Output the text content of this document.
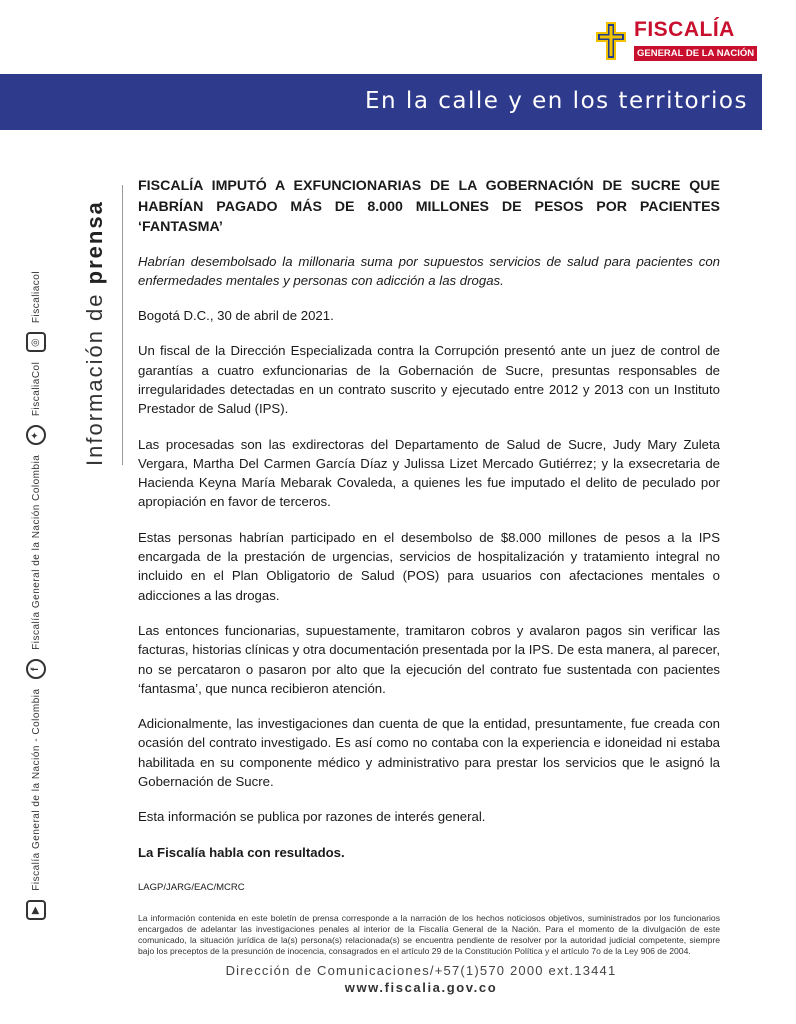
FISCALÍA
GENERAL DE LA NACIÓN
En la calle y en los territorios
Información de prensa
▶ Fiscalía General de la Nación - Colombia f Fiscalía General de la Nación Colombia ✦ FiscaliaCol ◎ Fiscaliacol
FISCALÍA IMPUTÓ A EXFUNCIONARIAS DE LA GOBERNACIÓN DE SUCRE QUE HABRÍAN PAGADO MÁS DE 8.000 MILLONES DE PESOS POR PACIENTES ‘FANTASMA’

Habrían desembolsado la millonaria suma por supuestos servicios de salud para pacientes con enfermedades mentales y personas con adicción a las drogas.

Bogotá D.C., 30 de abril de 2021.

Un fiscal de la Dirección Especializada contra la Corrupción presentó ante un juez de control de garantías a cuatro exfuncionarias de la Gobernación de Sucre, presuntas responsables de irregularidades detectadas en un contrato suscrito y ejecutado entre 2012 y 2013 con un Instituto Prestador de Salud (IPS).

Las procesadas son las exdirectoras del Departamento de Salud de Sucre, Judy Mary Zuleta Vergara, Martha Del Carmen García Díaz y Julissa Lizet Mercado Gutiérrez; y la exsecretaria de Hacienda Keyna María Mebarak Covaleda, a quienes les fue imputado el delito de peculado por apropiación en favor de terceros.

Estas personas habrían participado en el desembolso de $8.000 millones de pesos a la IPS encargada de la prestación de urgencias, servicios de hospitalización y tratamiento integral no incluido en el Plan Obligatorio de Salud (POS) para usuarios con afectaciones mentales o adicciones a las drogas.

Las entonces funcionarias, supuestamente, tramitaron cobros y avalaron pagos sin verificar las facturas, historias clínicas y otra documentación presentada por la IPS. De esta manera, al parecer, no se percataron o pasaron por alto que la ejecución del contrato fue sustentada con pacientes ‘fantasma’, que nunca recibieron atención.

Adicionalmente, las investigaciones dan cuenta de que la entidad, presuntamente, fue creada con ocasión del contrato investigado. Es así como no contaba con la experiencia e idoneidad ni estaba habilitada en su componente médico y administrativo para prestar los servicios que le asignó la Gobernación de Sucre.

Esta información se publica por razones de interés general.

La Fiscalía habla con resultados.

LAGP/JARG/EAC/MCRC

La información contenida en este boletín de prensa corresponde a la narración de los hechos noticiosos objetivos, suministrados por los funcionarios encargados de adelantar las investigaciones penales al interior de la Fiscalía General de la Nación. Para el momento de la divulgación de este comunicado, la situación jurídica de la(s) persona(s) relacionada(s) se encuentra pendiente de resolver por la autoridad judicial competente, siempre bajo los preceptos de la presunción de inocencia, consagrados en el artículo 29 de la Constitución Política y el artículo 7o de la Ley 906 de 2004.

Dirección de Comunicaciones/+57(1)570 2000 ext.13441
www.fiscalia.gov.co
